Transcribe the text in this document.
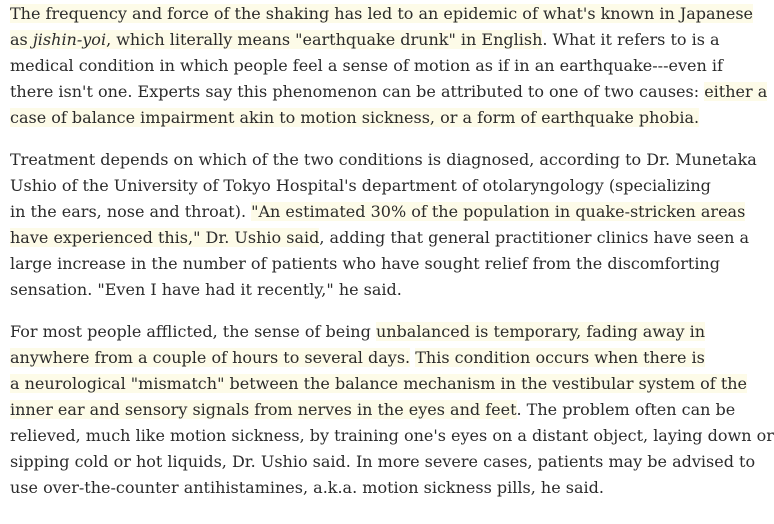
The frequency and force of the shaking has led to an epidemic of what's known in Japanese
as jishin-yoi, which literally means "earthquake drunk" in English. What it refers to is a
medical condition in which people feel a sense of motion as if in an earthquake---even if
there isn't one. Experts say this phenomenon can be attributed to one of two causes: either a
case of balance impairment akin to motion sickness, or a form of earthquake phobia.
Treatment depends on which of the two conditions is diagnosed, according to Dr. Munetaka
Ushio of the University of Tokyo Hospital's department of otolaryngology (specializing
in the ears, nose and throat). "An estimated 30% of the population in quake-stricken areas
have experienced this," Dr. Ushio said, adding that general practitioner clinics have seen a
large increase in the number of patients who have sought relief from the discomforting
sensation. "Even I have had it recently," he said.
For most people afflicted, the sense of being unbalanced is temporary, fading away in
anywhere from a couple of hours to several days. This condition occurs when there is
a neurological "mismatch" between the balance mechanism in the vestibular system of the
inner ear and sensory signals from nerves in the eyes and feet. The problem often can be
relieved, much like motion sickness, by training one's eyes on a distant object, laying down or
sipping cold or hot liquids, Dr. Ushio said. In more severe cases, patients may be advised to
use over-the-counter antihistamines, a.k.a. motion sickness pills, he said.
